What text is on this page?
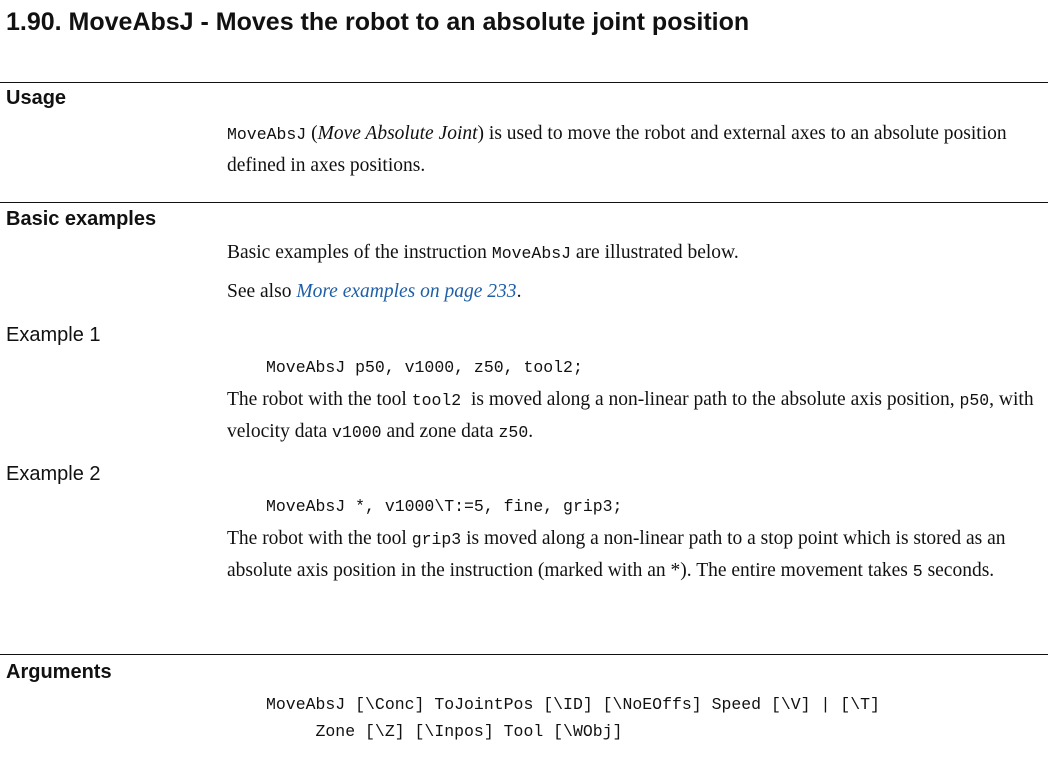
1.90. MoveAbsJ - Moves the robot to an absolute joint position
Usage

MoveAbsJ (Move Absolute Joint) is used to move the robot and external axes to an absolute position defined in axes positions.

Basic examples

Basic examples of the instruction MoveAbsJ are illustrated below.

See also More examples on page 233.

Example 1
MoveAbsJ p50, v1000, z50, tool2;

The robot with the tool tool2  is moved along a non-linear path to the absolute axis position, p50, with velocity data v1000 and zone data z50.

Example 2
MoveAbsJ *, v1000\T:=5, fine, grip3;

The robot with the tool grip3 is moved along a non-linear path to a stop point which is stored as an absolute axis position in the instruction (marked with an *). The entire movement takes 5 seconds.

Arguments
MoveAbsJ [\Conc] ToJointPos [\ID] [\NoEOffs] Speed [\V] | [\T]
Zone [\Z] [\Inpos] Tool [\WObj]
